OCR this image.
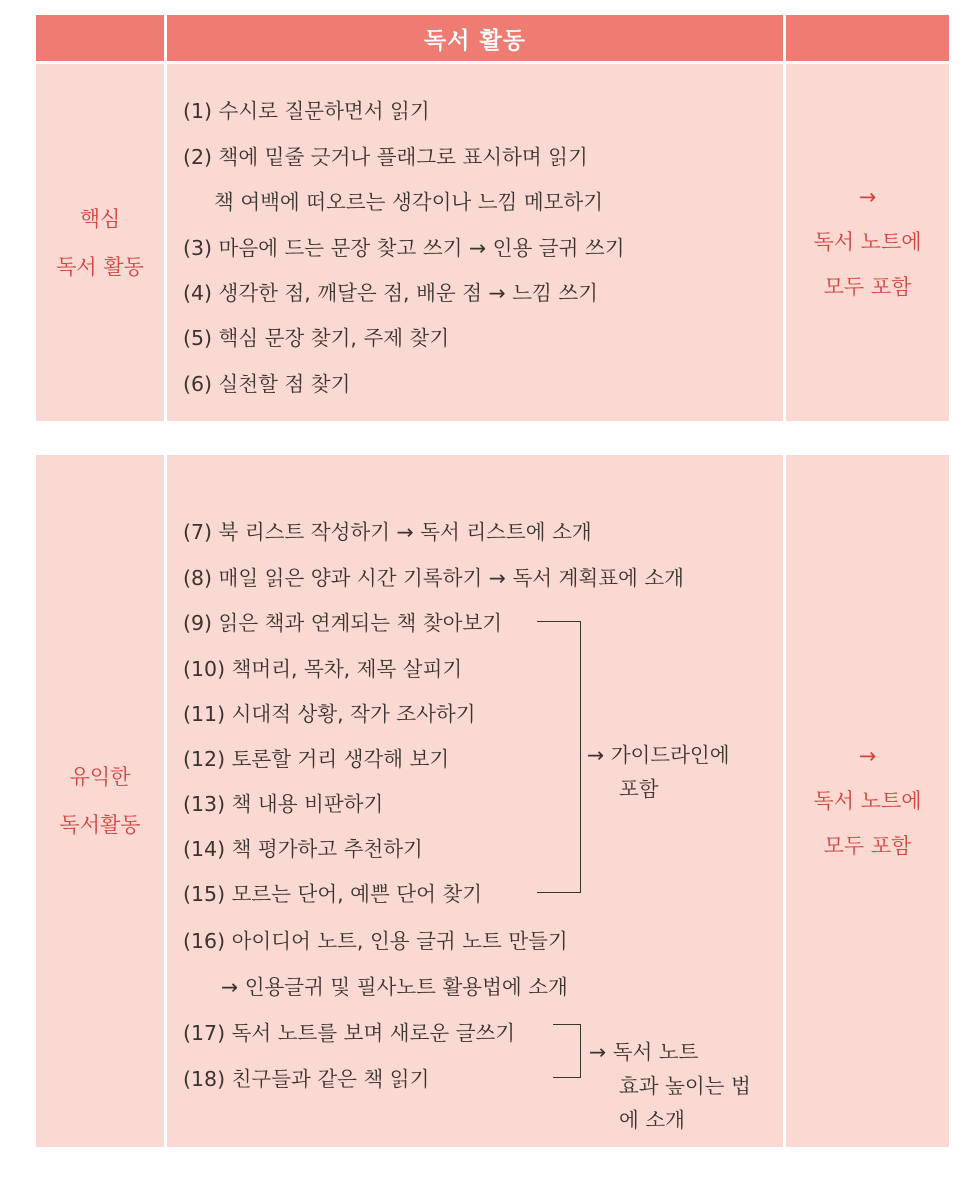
독서 활동
핵심
독서 활동
(1) 수시로 질문하면서 읽기
(2) 책에 밑줄 긋거나 플래그로 표시하며 읽기
책 여백에 떠오르는 생각이나 느낌 메모하기
(3) 마음에 드는 문장 찾고 쓰기 → 인용 글귀 쓰기
(4) 생각한 점, 깨달은 점, 배운 점 → 느낌 쓰기
(5) 핵심 문장 찾기, 주제 찾기
(6) 실천할 점 찾기
→
독서 노트에
모두 포함
유익한
독서활동
(7) 북 리스트 작성하기 → 독서 리스트에 소개
(8) 매일 읽은 양과 시간 기록하기 → 독서 계획표에 소개
(9) 읽은 책과 연계되는 책 찾아보기
(10) 책머리, 목차, 제목 살피기
(11) 시대적 상황, 작가 조사하기
(12) 토론할 거리 생각해 보기
(13) 책 내용 비판하기
(14) 책 평가하고 추천하기
(15) 모르는 단어, 예쁜 단어 찾기
(16) 아이디어 노트, 인용 글귀 노트 만들기
→ 인용글귀 및 필사노트 활용법에 소개
(17) 독서 노트를 보며 새로운 글쓰기
(18) 친구들과 같은 책 읽기
→ 가이드라인에
포함
→ 독서 노트
효과 높이는 법
에 소개
→
독서 노트에
모두 포함
